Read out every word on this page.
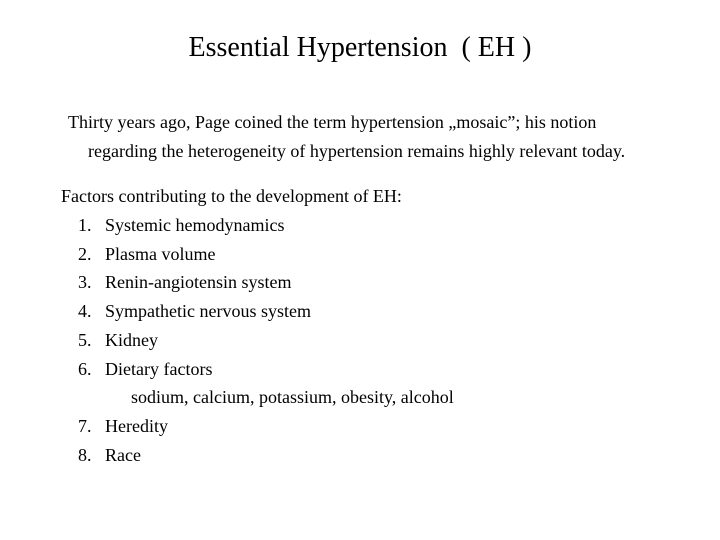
Essential Hypertension  ( EH )
Thirty years ago, Page coined the term hypertension „mosaic”; his notion regarding the heterogeneity of hypertension remains highly relevant today.
Factors contributing to the development of EH:
1. Systemic hemodynamics
2. Plasma volume
3. Renin-angiotensin system
4. Sympathetic nervous system
5. Kidney
6. Dietary factors
sodium, calcium, potassium, obesity, alcohol
7. Heredity
8. Race
